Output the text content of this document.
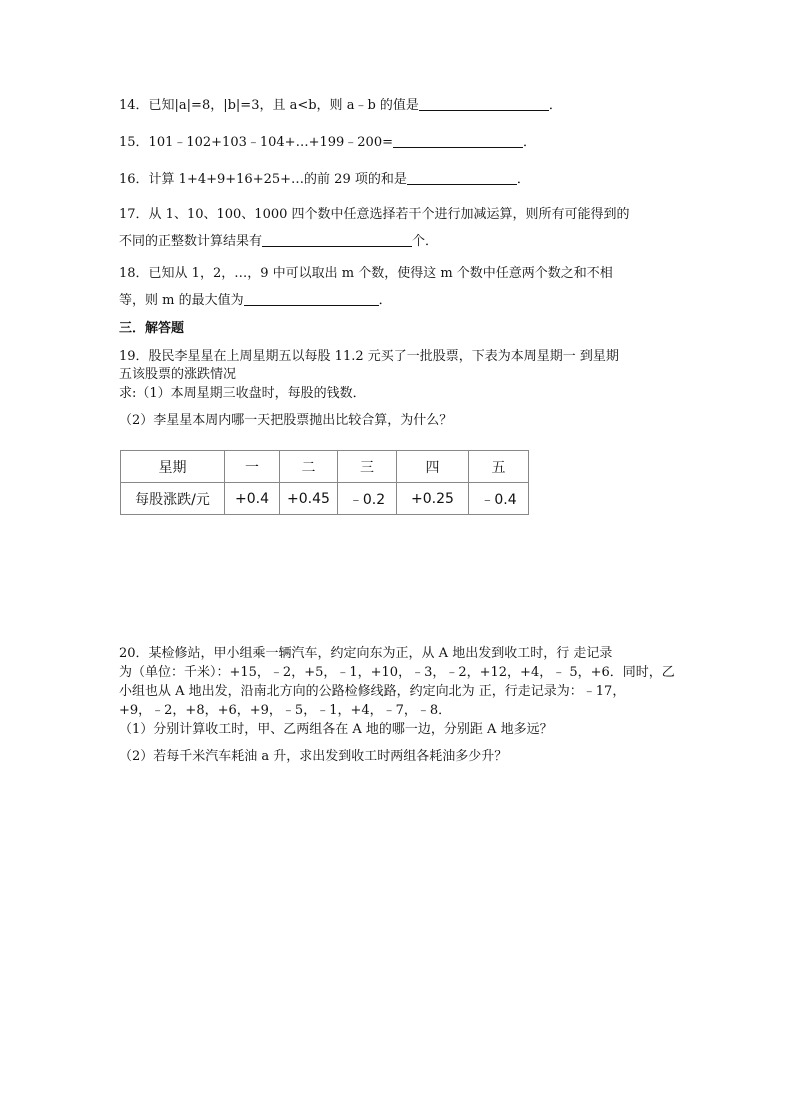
14．已知|a|=8，|b|=3，且 a<b，则 a﹣b 的值是	．
15．101﹣102+103﹣104+…+199﹣200=	．
16．计算 1+4+9+16+25+…的前 29 项的和是	．
17．从 1、10、100、1000 四个数中任意选择若干个进行加减运算，则所有可能得到的
不同的正整数计算结果有	个．
18．已知从 1，2，…，9 中可以取出 m 个数，使得这 m 个数中任意两个数之和不相
等，则 m 的最大值为	．
三．解答题
19．股民李星星在上周星期五以每股 11.2 元买了一批股票，下表为本周星期一 到星期
五该股票的涨跌情况
求:（1）本周星期三收盘时，每股的钱数．
（2）李星星本周内哪一天把股票抛出比较合算，为什么？
星期	一	二	三	四	五
每股涨跌/元	+0.4	+0.45	﹣0.2	+0.25	﹣0.4
20．某检修站，甲小组乘一辆汽车，约定向东为正，从 A 地出发到收工时，行 走记录
为（单位：千米）：+15，﹣2，+5，﹣1，+10，﹣3，﹣2，+12，+4，﹣ 5，+6．同时，乙
小组也从 A 地出发，沿南北方向的公路检修线路，约定向北为 正，行走记录为：﹣17，
+9，﹣2，+8，+6，+9，﹣5，﹣1，+4，﹣7，﹣8．
（1）分别计算收工时，甲、乙两组各在 A 地的哪一边，分别距 A 地多远？
（2）若每千米汽车耗油 a 升，求出发到收工时两组各耗油多少升？
